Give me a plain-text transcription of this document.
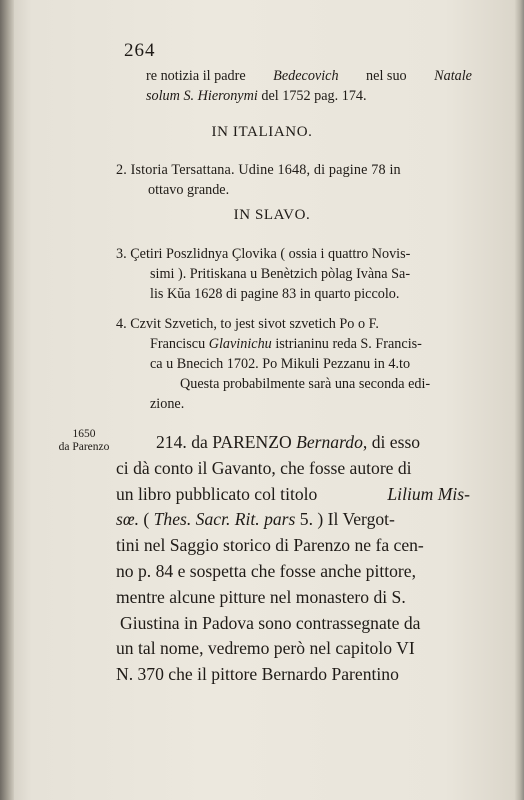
264
re notizia il padre Bedecovich nel suo Natale
solum S. Hieronymi del 1752 pag. 174.
IN ITALIANO.
2. Istoria Tersattana. Udine 1648, di pagine 78 in
ottavo grande.
IN SLAVO.
3. Çetiri Poszlidnya Çlovika ( ossia i quattro Novis-
simi ). Pritiskana u Benètzich pòlag Ivàna Sa-
lis Kŭa 1628 di pagine 83 in quarto piccolo.
4. Czvit Szvetich, to jest sivot szvetich Po o F.
Franciscu Glavinichu istrianinu reda S. Francis-
ca u Bnecich 1702. Po Mikuli Pezzanu in 4.to
Questa probabilmente sarà una seconda edi-
zione.
1650
da Parenzo	214. da PARENZO Bernardo, di esso
ci dà conto il Gavanto, che fosse autore di
un libro pubblicato col titolo	Lilium Mis-
sœ. ( Thes. Sacr. Rit. pars 5. ) Il Vergot-
tini nel Saggio storico di Parenzo ne fa cen-
no p. 84 e sospetta che fosse anche pittore,
mentre alcune pitture nel monastero di S.
Giustina in Padova sono contrassegnate da
un tal nome, vedremo però nel capitolo VI
N. 370 che il pittore Bernardo Parentino
